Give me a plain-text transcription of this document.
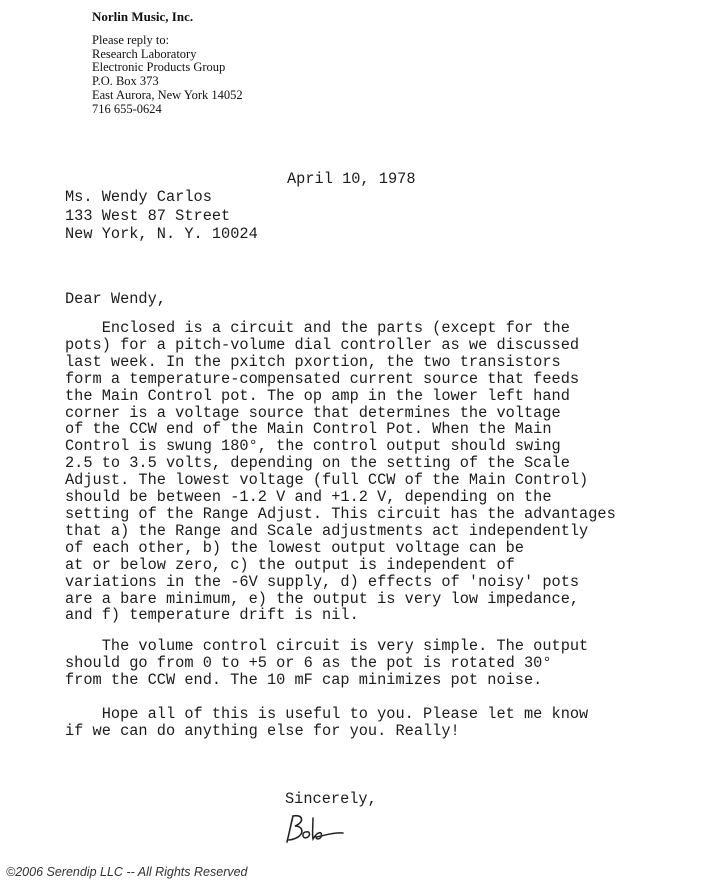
Norlin Music, Inc.
Please reply to:
Research Laboratory
Electronic Products Group
P.O. Box 373
East Aurora, New York 14052
716 655-0624
April 10, 1978
Ms. Wendy Carlos
133 West 87 Street
New York, N. Y. 10024
Dear Wendy,
Enclosed is a circuit and the parts (except for the
pots) for a pitch-volume dial controller as we discussed
last week. In the pxitch pxortion, the two transistors
form a temperature-compensated current source that feeds
the Main Control pot. The op amp in the lower left hand
corner is a voltage source that determines the voltage
of the CCW end of the Main Control Pot. When the Main
Control is swung 180°, the control output should swing
2.5 to 3.5 volts, depending on the setting of the Scale
Adjust. The lowest voltage (full CCW of the Main Control)
should be between -1.2 V and +1.2 V, depending on the
setting of the Range Adjust. This circuit has the advantages
that a) the Range and Scale adjustments act independently
of each other, b) the lowest output voltage can be
at or below zero, c) the output is independent of
variations in the -6V supply, d) effects of 'noisy' pots
are a bare minimum, e) the output is very low impedance,
and f) temperature drift is nil.
The volume control circuit is very simple. The output
should go from 0 to +5 or 6 as the pot is rotated 30°
from the CCW end. The 10 mF cap minimizes pot noise.
Hope all of this is useful to you. Please let me know
if we can do anything else for you. Really!
Sincerely,
©2006 Serendip LLC -- All Rights Reserved
